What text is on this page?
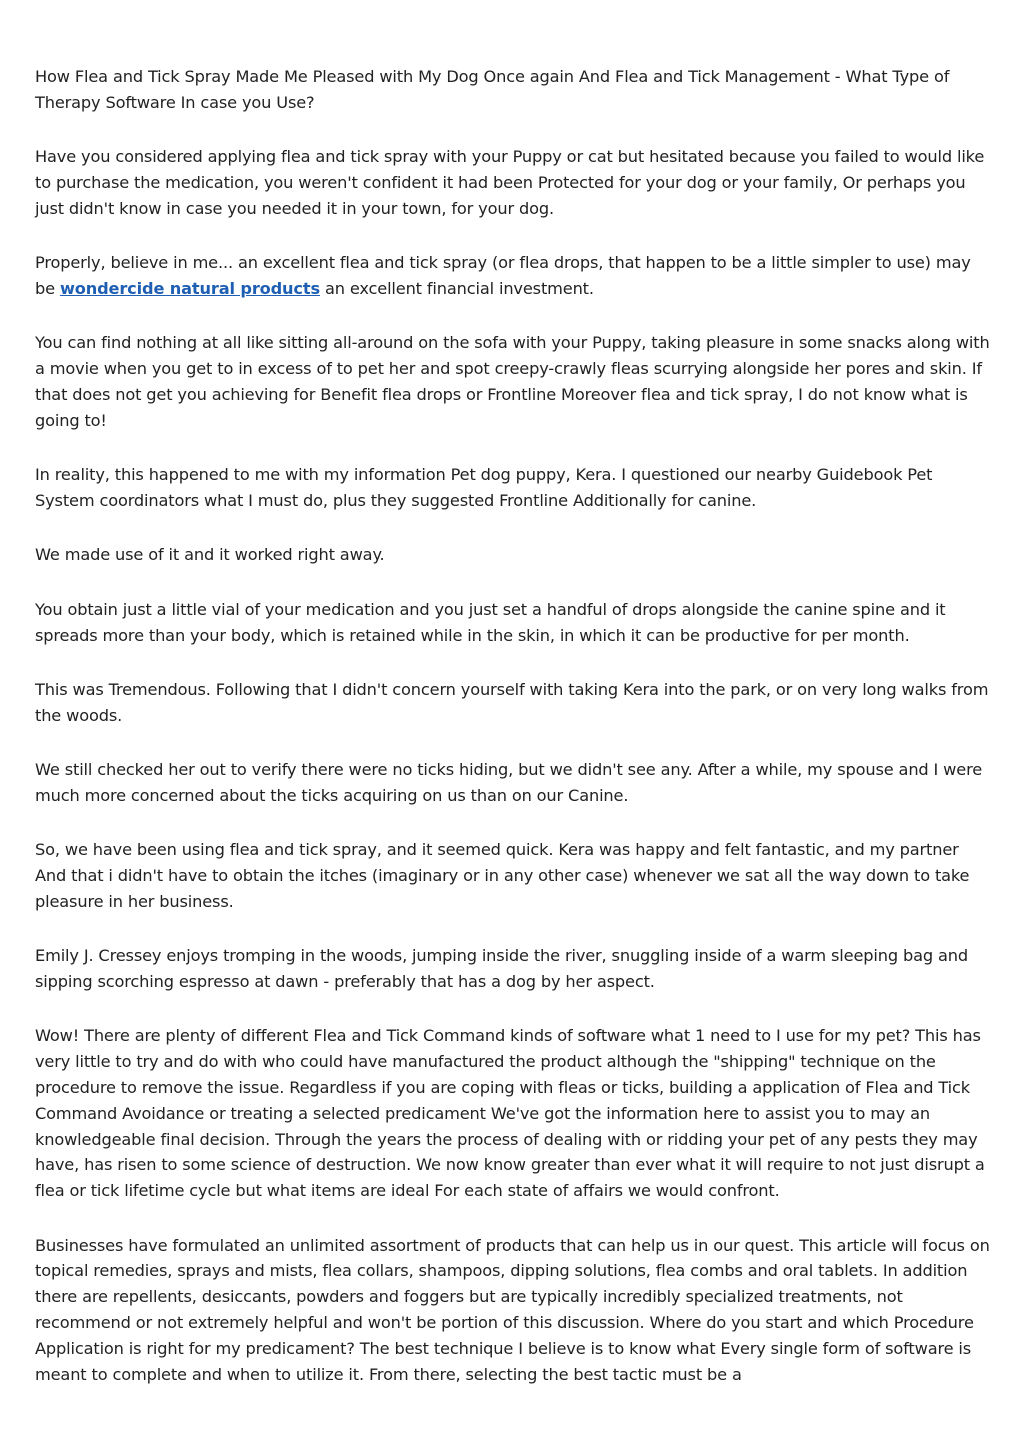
How Flea and Tick Spray Made Me Pleased with My Dog Once again And Flea and Tick Management - What Type of Therapy Software In case you Use?

Have you considered applying flea and tick spray with your Puppy or cat but hesitated because you failed to would like to purchase the medication, you weren't confident it had been Protected for your dog or your family, Or perhaps you just didn't know in case you needed it in your town, for your dog.

Properly, believe in me... an excellent flea and tick spray (or flea drops, that happen to be a little simpler to use) may be wondercide natural products an excellent financial investment.

You can find nothing at all like sitting all-around on the sofa with your Puppy, taking pleasure in some snacks along with a movie when you get to in excess of to pet her and spot creepy-crawly fleas scurrying alongside her pores and skin. If that does not get you achieving for Benefit flea drops or Frontline Moreover flea and tick spray, I do not know what is going to!

In reality, this happened to me with my information Pet dog puppy, Kera. I questioned our nearby Guidebook Pet System coordinators what I must do, plus they suggested Frontline Additionally for canine.

We made use of it and it worked right away.

You obtain just a little vial of your medication and you just set a handful of drops alongside the canine spine and it spreads more than your body, which is retained while in the skin, in which it can be productive for per month.

This was Tremendous. Following that I didn't concern yourself with taking Kera into the park, or on very long walks from the woods.

We still checked her out to verify there were no ticks hiding, but we didn't see any. After a while, my spouse and I were much more concerned about the ticks acquiring on us than on our Canine.

So, we have been using flea and tick spray, and it seemed quick. Kera was happy and felt fantastic, and my partner And that i didn't have to obtain the itches (imaginary or in any other case) whenever we sat all the way down to take pleasure in her business.

Emily J. Cressey enjoys tromping in the woods, jumping inside the river, snuggling inside of a warm sleeping bag and sipping scorching espresso at dawn - preferably that has a dog by her aspect.

Wow! There are plenty of different Flea and Tick Command kinds of software what 1 need to I use for my pet? This has very little to try and do with who could have manufactured the product although the "shipping" technique on the procedure to remove the issue. Regardless if you are coping with fleas or ticks, building a application of Flea and Tick Command Avoidance or treating a selected predicament We've got the information here to assist you to may an knowledgeable final decision. Through the years the process of dealing with or ridding your pet of any pests they may have, has risen to some science of destruction. We now know greater than ever what it will require to not just disrupt a flea or tick lifetime cycle but what items are ideal For each state of affairs we would confront.

Businesses have formulated an unlimited assortment of products that can help us in our quest. This article will focus on topical remedies, sprays and mists, flea collars, shampoos, dipping solutions, flea combs and oral tablets. In addition there are repellents, desiccants, powders and foggers but are typically incredibly specialized treatments, not recommend or not extremely helpful and won't be portion of this discussion. Where do you start and which Procedure Application is right for my predicament? The best technique I believe is to know what Every single form of software is meant to complete and when to utilize it. From there, selecting the best tactic must be a
